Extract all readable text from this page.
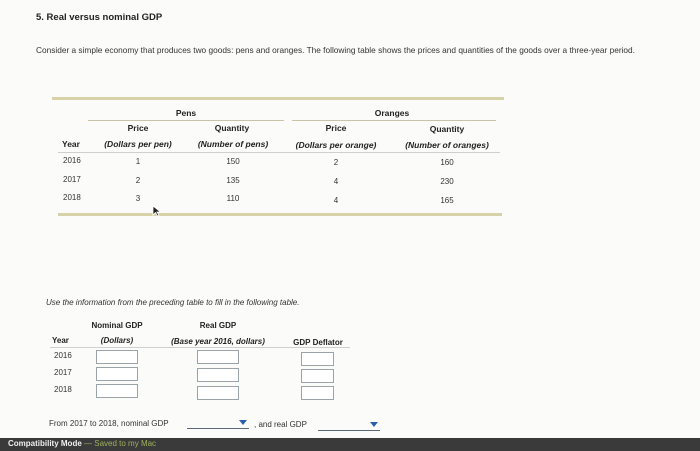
5. Real versus nominal GDP
Consider a simple economy that produces two goods: pens and oranges. The following table shows the prices and quantities of the goods over a three-year period.
Pens	Oranges
Price	Quantity	Price	Quantity
Year	(Dollars per pen)	(Number of pens)	(Dollars per orange)	(Number of oranges)
2016	1	150	2	160
2017	2	135	4	230
2018	3	110	4	165
Use the information from the preceding table to fill in the following table.
Nominal GDP	Real GDP
Year	(Dollars)	(Base year 2016, dollars)	GDP Deflator
2016
2017
2018
From 2017 to 2018, nominal GDP	, and real GDP
Compatibility Mode — Saved to my Mac
